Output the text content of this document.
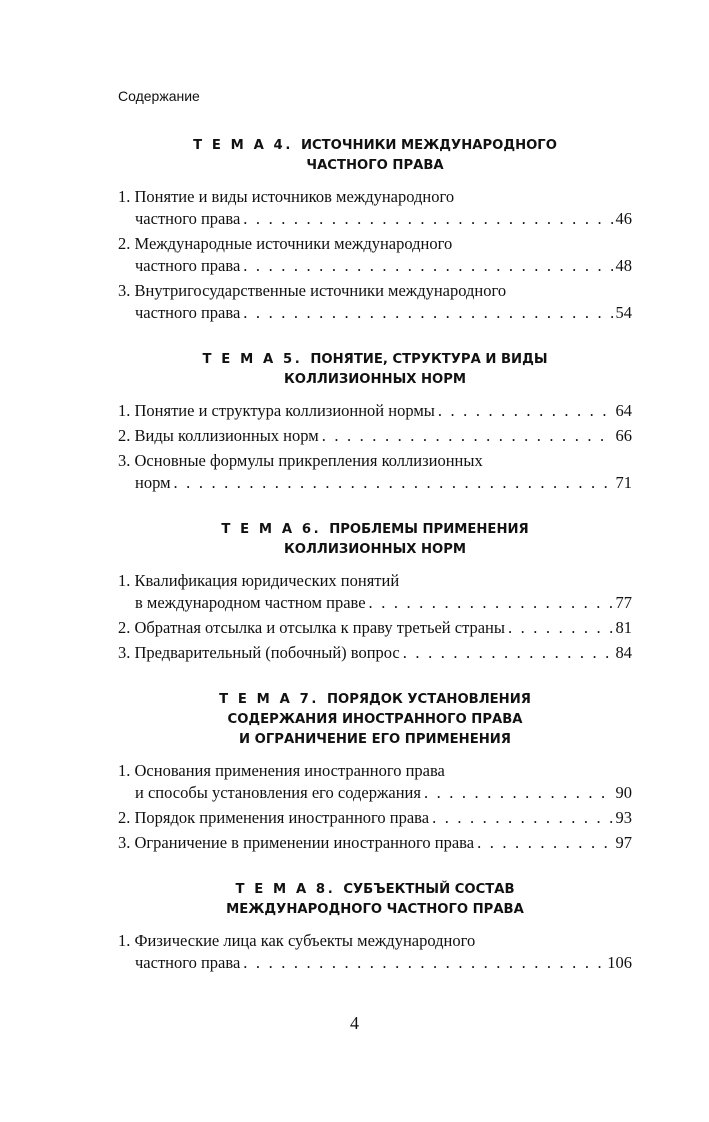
Содержание
Т Е М А 4. ИСТОЧНИКИ МЕЖДУНАРОДНОГО
ЧАСТНОГО ПРАВА
1. Понятие и виды источников международного
частного права . . .	46
2. Международные источники международного
частного права . . .	48
3. Внутригосударственные источники международного
частного права . . .	54
Т Е М А 5. ПОНЯТИЕ, СТРУКТУРА И ВИДЫ
КОЛЛИЗИОННЫХ НОРМ
1. Понятие и структура коллизионной нормы . . .	64
2. Виды коллизионных норм . . .	66
3. Основные формулы прикрепления коллизионных
норм . . .	71
Т Е М А 6. ПРОБЛЕМЫ ПРИМЕНЕНИЯ
КОЛЛИЗИОННЫХ НОРМ
1. Квалификация юридических понятий
в международном частном праве . . .	77
2. Обратная отсылка и отсылка к праву третьей страны . . .	81
3. Предварительный (побочный) вопрос . . .	84
Т Е М А 7. ПОРЯДОК УСТАНОВЛЕНИЯ
СОДЕРЖАНИЯ ИНОСТРАННОГО ПРАВА
И ОГРАНИЧЕНИЕ ЕГО ПРИМЕНЕНИЯ
1. Основания применения иностранного права
и способы установления его содержания . . .	90
2. Порядок применения иностранного права . . .	93
3. Ограничение в применении иностранного права . . .	97
Т Е М А 8. СУБЪЕКТНЫЙ СОСТАВ
МЕЖДУНАРОДНОГО ЧАСТНОГО ПРАВА
1. Физические лица как субъекты международного
частного права . . .	106
4
